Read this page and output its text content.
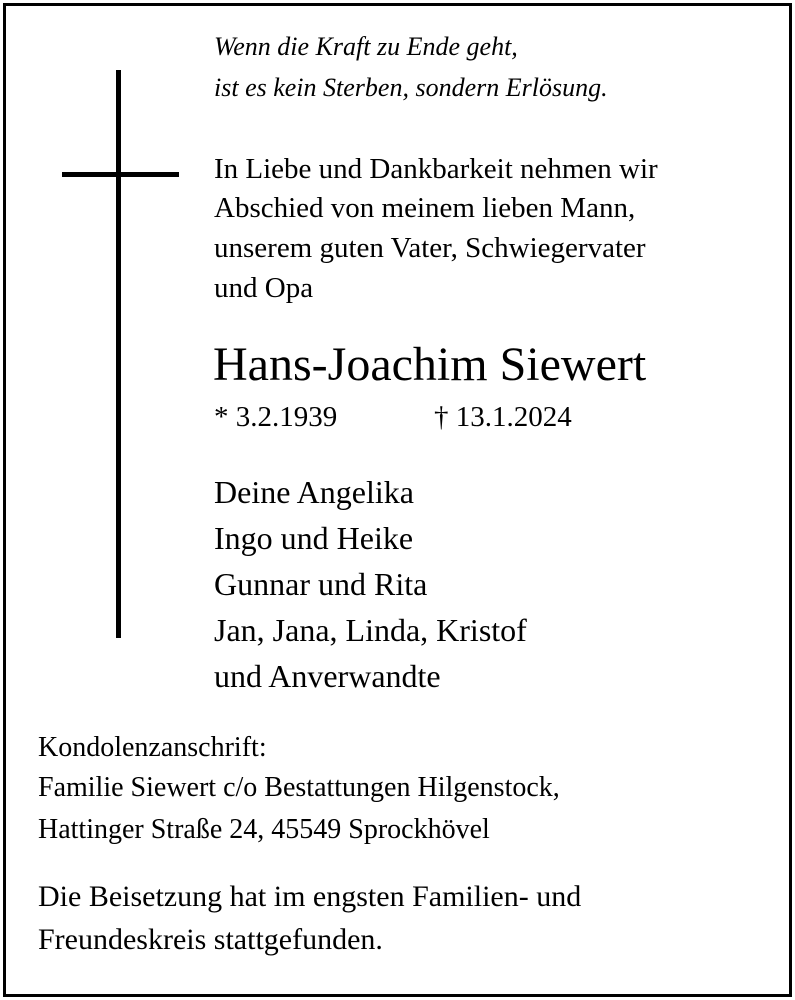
Wenn die Kraft zu Ende geht,
ist es kein Sterben, sondern Erlösung.
In Liebe und Dankbarkeit nehmen wir
Abschied von meinem lieben Mann,
unserem guten Vater, Schwiegervater
und Opa
Hans-Joachim Siewert
* 3.2.1939	† 13.1.2024
Deine Angelika
Ingo und Heike
Gunnar und Rita
Jan, Jana, Linda, Kristof
und Anverwandte
Kondolenzanschrift:
Familie Siewert c/o Bestattungen Hilgenstock,
Hattinger Straße 24, 45549 Sprockhövel
Die Beisetzung hat im engsten Familien- und
Freundeskreis stattgefunden.
